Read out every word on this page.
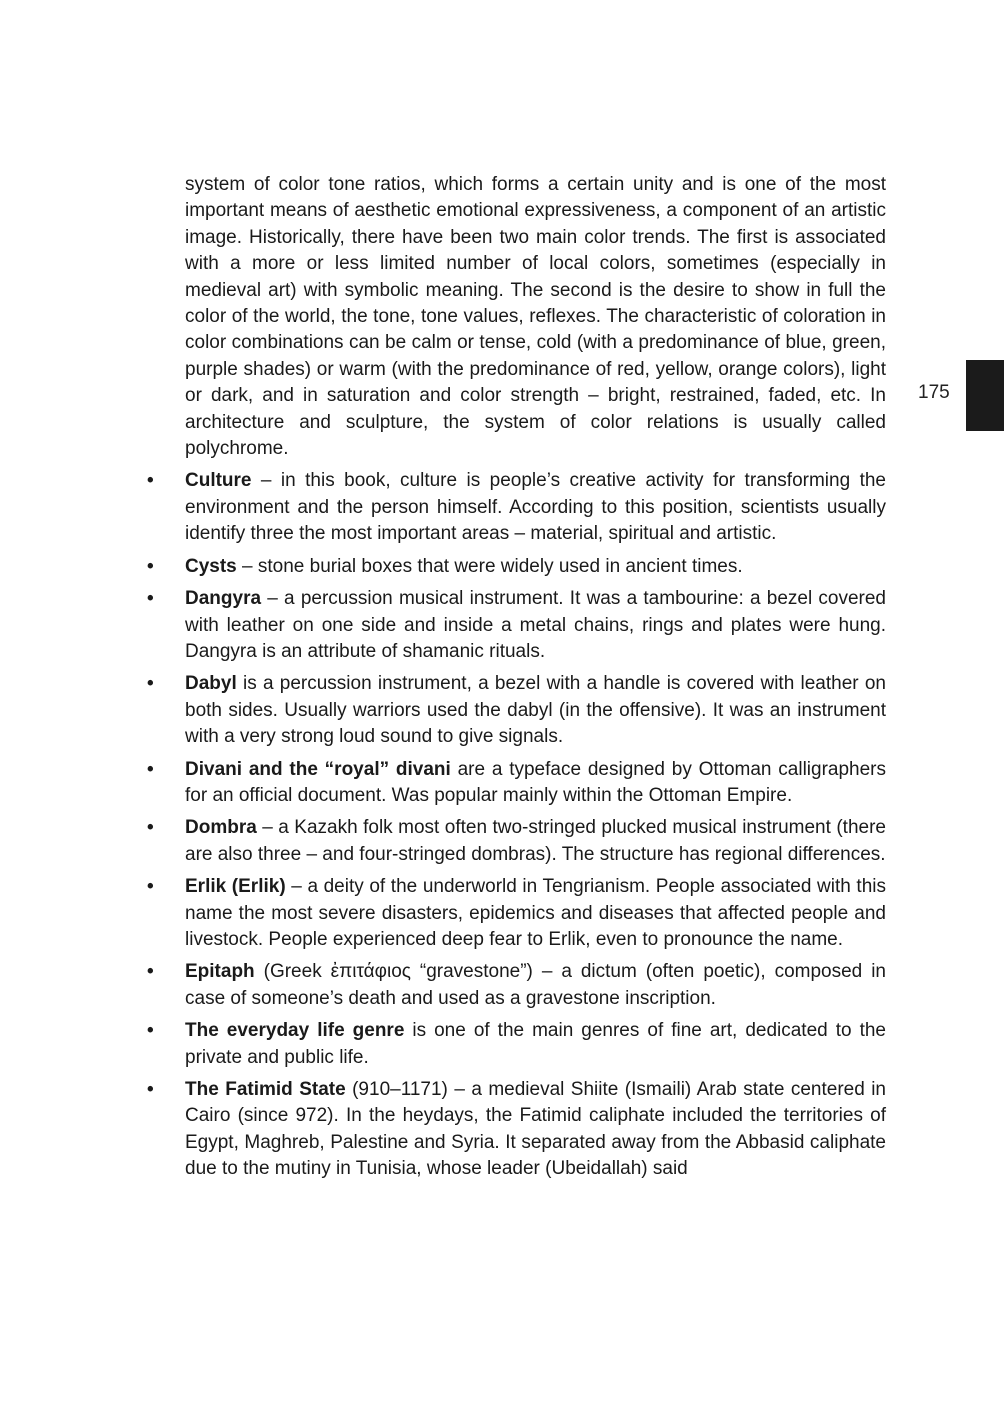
175

system of color tone ratios, which forms a certain unity and is one of the most important means of aesthetic emotional expressiveness, a component of an artistic image. Historically, there have been two main color trends. The first is associated with a more or less limited number of local colors, sometimes (especially in medieval art) with symbolic meaning. The second is the desire to show in full the color of the world, the tone, tone values, reflexes. The characteristic of coloration in color combinations can be calm or tense, cold (with a predominance of blue, green, purple shades) or warm (with the predominance of red, yellow, orange colors), light or dark, and in saturation and color strength – bright, restrained, faded, etc. In architecture and sculpture, the system of color relations is usually called polychrome.

• Culture – in this book, culture is people’s creative activity for transforming the environment and the person himself. According to this position, scientists usually identify three the most important areas – material, spiritual and artistic.
• Cysts – stone burial boxes that were widely used in ancient times.
• Dangyra – a percussion musical instrument. It was a tambourine: a bezel covered with leather on one side and inside a metal chains, rings and plates were hung. Dangyra is an attribute of shamanic rituals.
• Dabyl is a percussion instrument, a bezel with a handle is covered with leather on both sides. Usually warriors used the dabyl (in the offensive). It was an instrument with a very strong loud sound to give signals.
• Divani and the “royal” divani are a typeface designed by Ottoman calligraphers for an official document. Was popular mainly within the Ottoman Empire.
• Dombra – a Kazakh folk most often two-stringed plucked musical instrument (there are also three – and four-stringed dombras). The structure has regional differences.
• Erlik (Erlik) – a deity of the underworld in Tengrianism. People associated with this name the most severe disasters, epidemics and diseases that affected people and livestock. People experienced deep fear to Erlik, even to pronounce the name.
• Epitaph (Greek ἐπιτάφιος “gravestone”) – a dictum (often poetic), composed in case of someone’s death and used as a gravestone inscription.
• The everyday life genre is one of the main genres of fine art, dedicated to the private and public life.
• The Fatimid State (910–1171) – a medieval Shiite (Ismaili) Arab state centered in Cairo (since 972). In the heydays, the Fatimid caliphate included the territories of Egypt, Maghreb, Palestine and Syria. It separated away from the Abbasid caliphate due to the mutiny in Tunisia, whose leader (Ubeidallah) said
